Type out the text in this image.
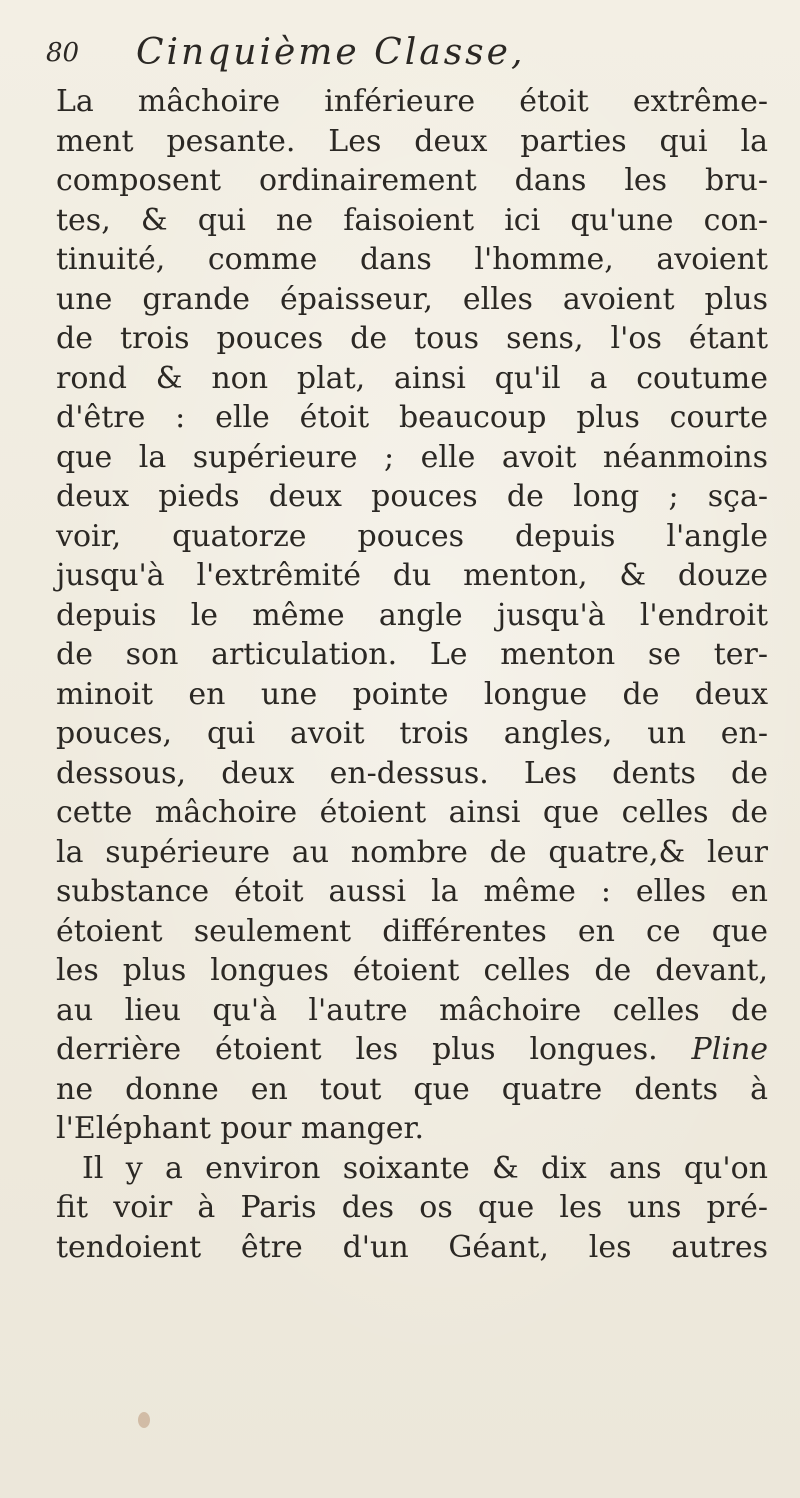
80 Cinquième Classe,
La mâchoire inférieure étoit extrême-
ment pesante. Les deux parties qui la
composent ordinairement dans les bru-
tes, & qui ne faisoient ici qu'une con-
tinuité, comme dans l'homme, avoient
une grande épaisseur, elles avoient plus
de trois pouces de tous sens, l'os étant
rond & non plat, ainsi qu'il a coutume
d'être : elle étoit beaucoup plus courte
que la supérieure ; elle avoit néanmoins
deux pieds deux pouces de long ; sça-
voir, quatorze pouces depuis l'angle
jusqu'à l'extrêmité du menton, & douze
depuis le même angle jusqu'à l'endroit
de son articulation. Le menton se ter-
minoit en une pointe longue de deux
pouces, qui avoit trois angles, un en-
dessous, deux en-dessus. Les dents de
cette mâchoire étoient ainsi que celles de
la supérieure au nombre de quatre,& leur
substance étoit aussi la même : elles en
étoient seulement différentes en ce que
les plus longues étoient celles de devant,
au lieu qu'à l'autre mâchoire celles de
derrière étoient les plus longues. Pline
ne donne en tout que quatre dents à
l'Eléphant pour manger.
Il y a environ soixante & dix ans qu'on
fit voir à Paris des os que les uns pré-
tendoient être d'un Géant, les autres
